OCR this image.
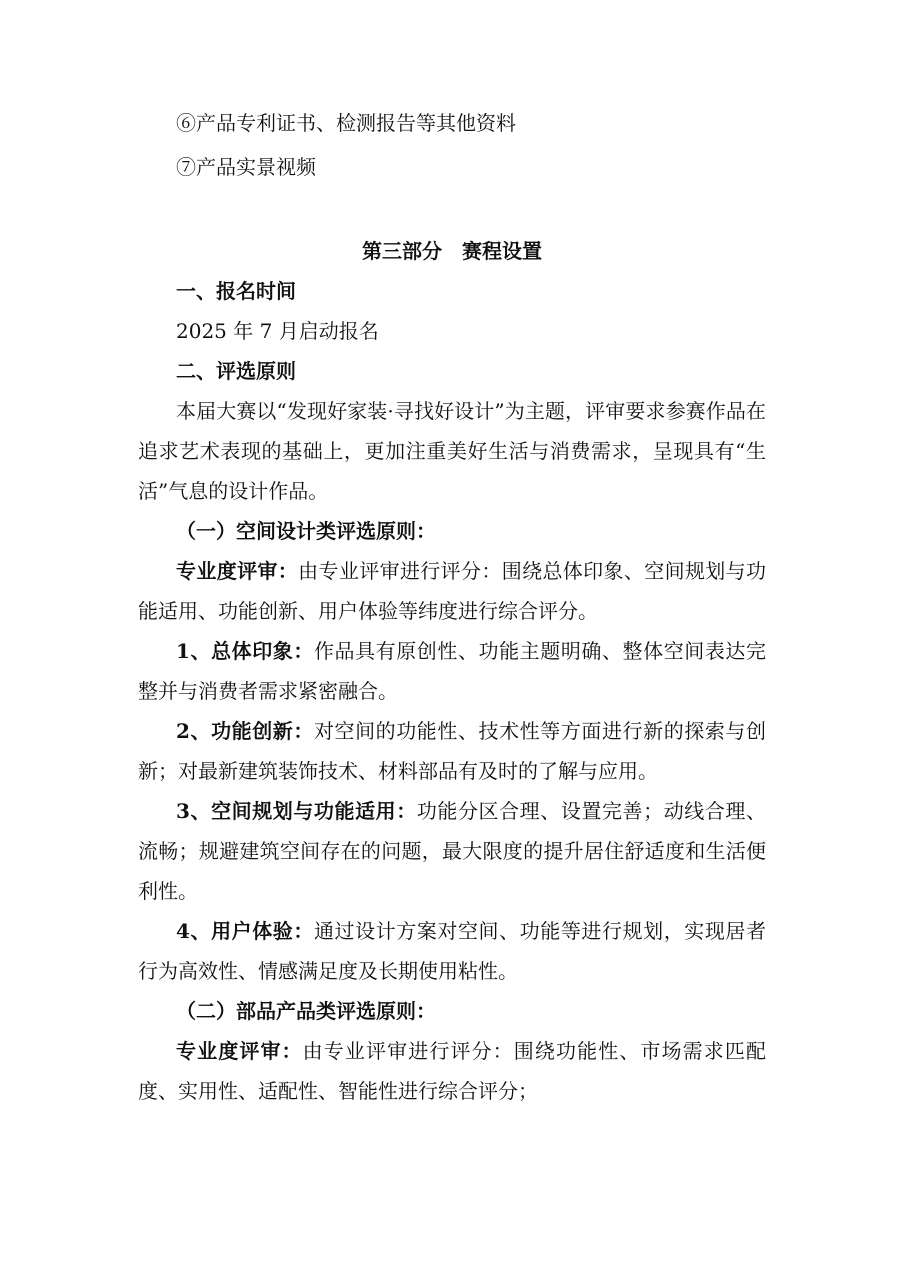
⑥产品专利证书、检测报告等其他资料

⑦产品实景视频

第三部分　赛程设置

一、报名时间

2025 年 7 月启动报名

二、评选原则

本届大赛以“发现好家装·寻找好设计”为主题，评审要求参赛作品在追求艺术表现的基础上，更加注重美好生活与消费需求，呈现具有“生活”气息的设计作品。

（一）空间设计类评选原则：

专业度评审：由专业评审进行评分：围绕总体印象、空间规划与功能适用、功能创新、用户体验等纬度进行综合评分。

1、总体印象：作品具有原创性、功能主题明确、整体空间表达完整并与消费者需求紧密融合。

2、功能创新：对空间的功能性、技术性等方面进行新的探索与创新；对最新建筑装饰技术、材料部品有及时的了解与应用。

3、空间规划与功能适用：功能分区合理、设置完善；动线合理、流畅；规避建筑空间存在的问题，最大限度的提升居住舒适度和生活便利性。

4、用户体验：通过设计方案对空间、功能等进行规划，实现居者行为高效性、情感满足度及长期使用粘性。

（二）部品产品类评选原则：

专业度评审：由专业评审进行评分：围绕功能性、市场需求匹配度、实用性、适配性、智能性进行综合评分；
